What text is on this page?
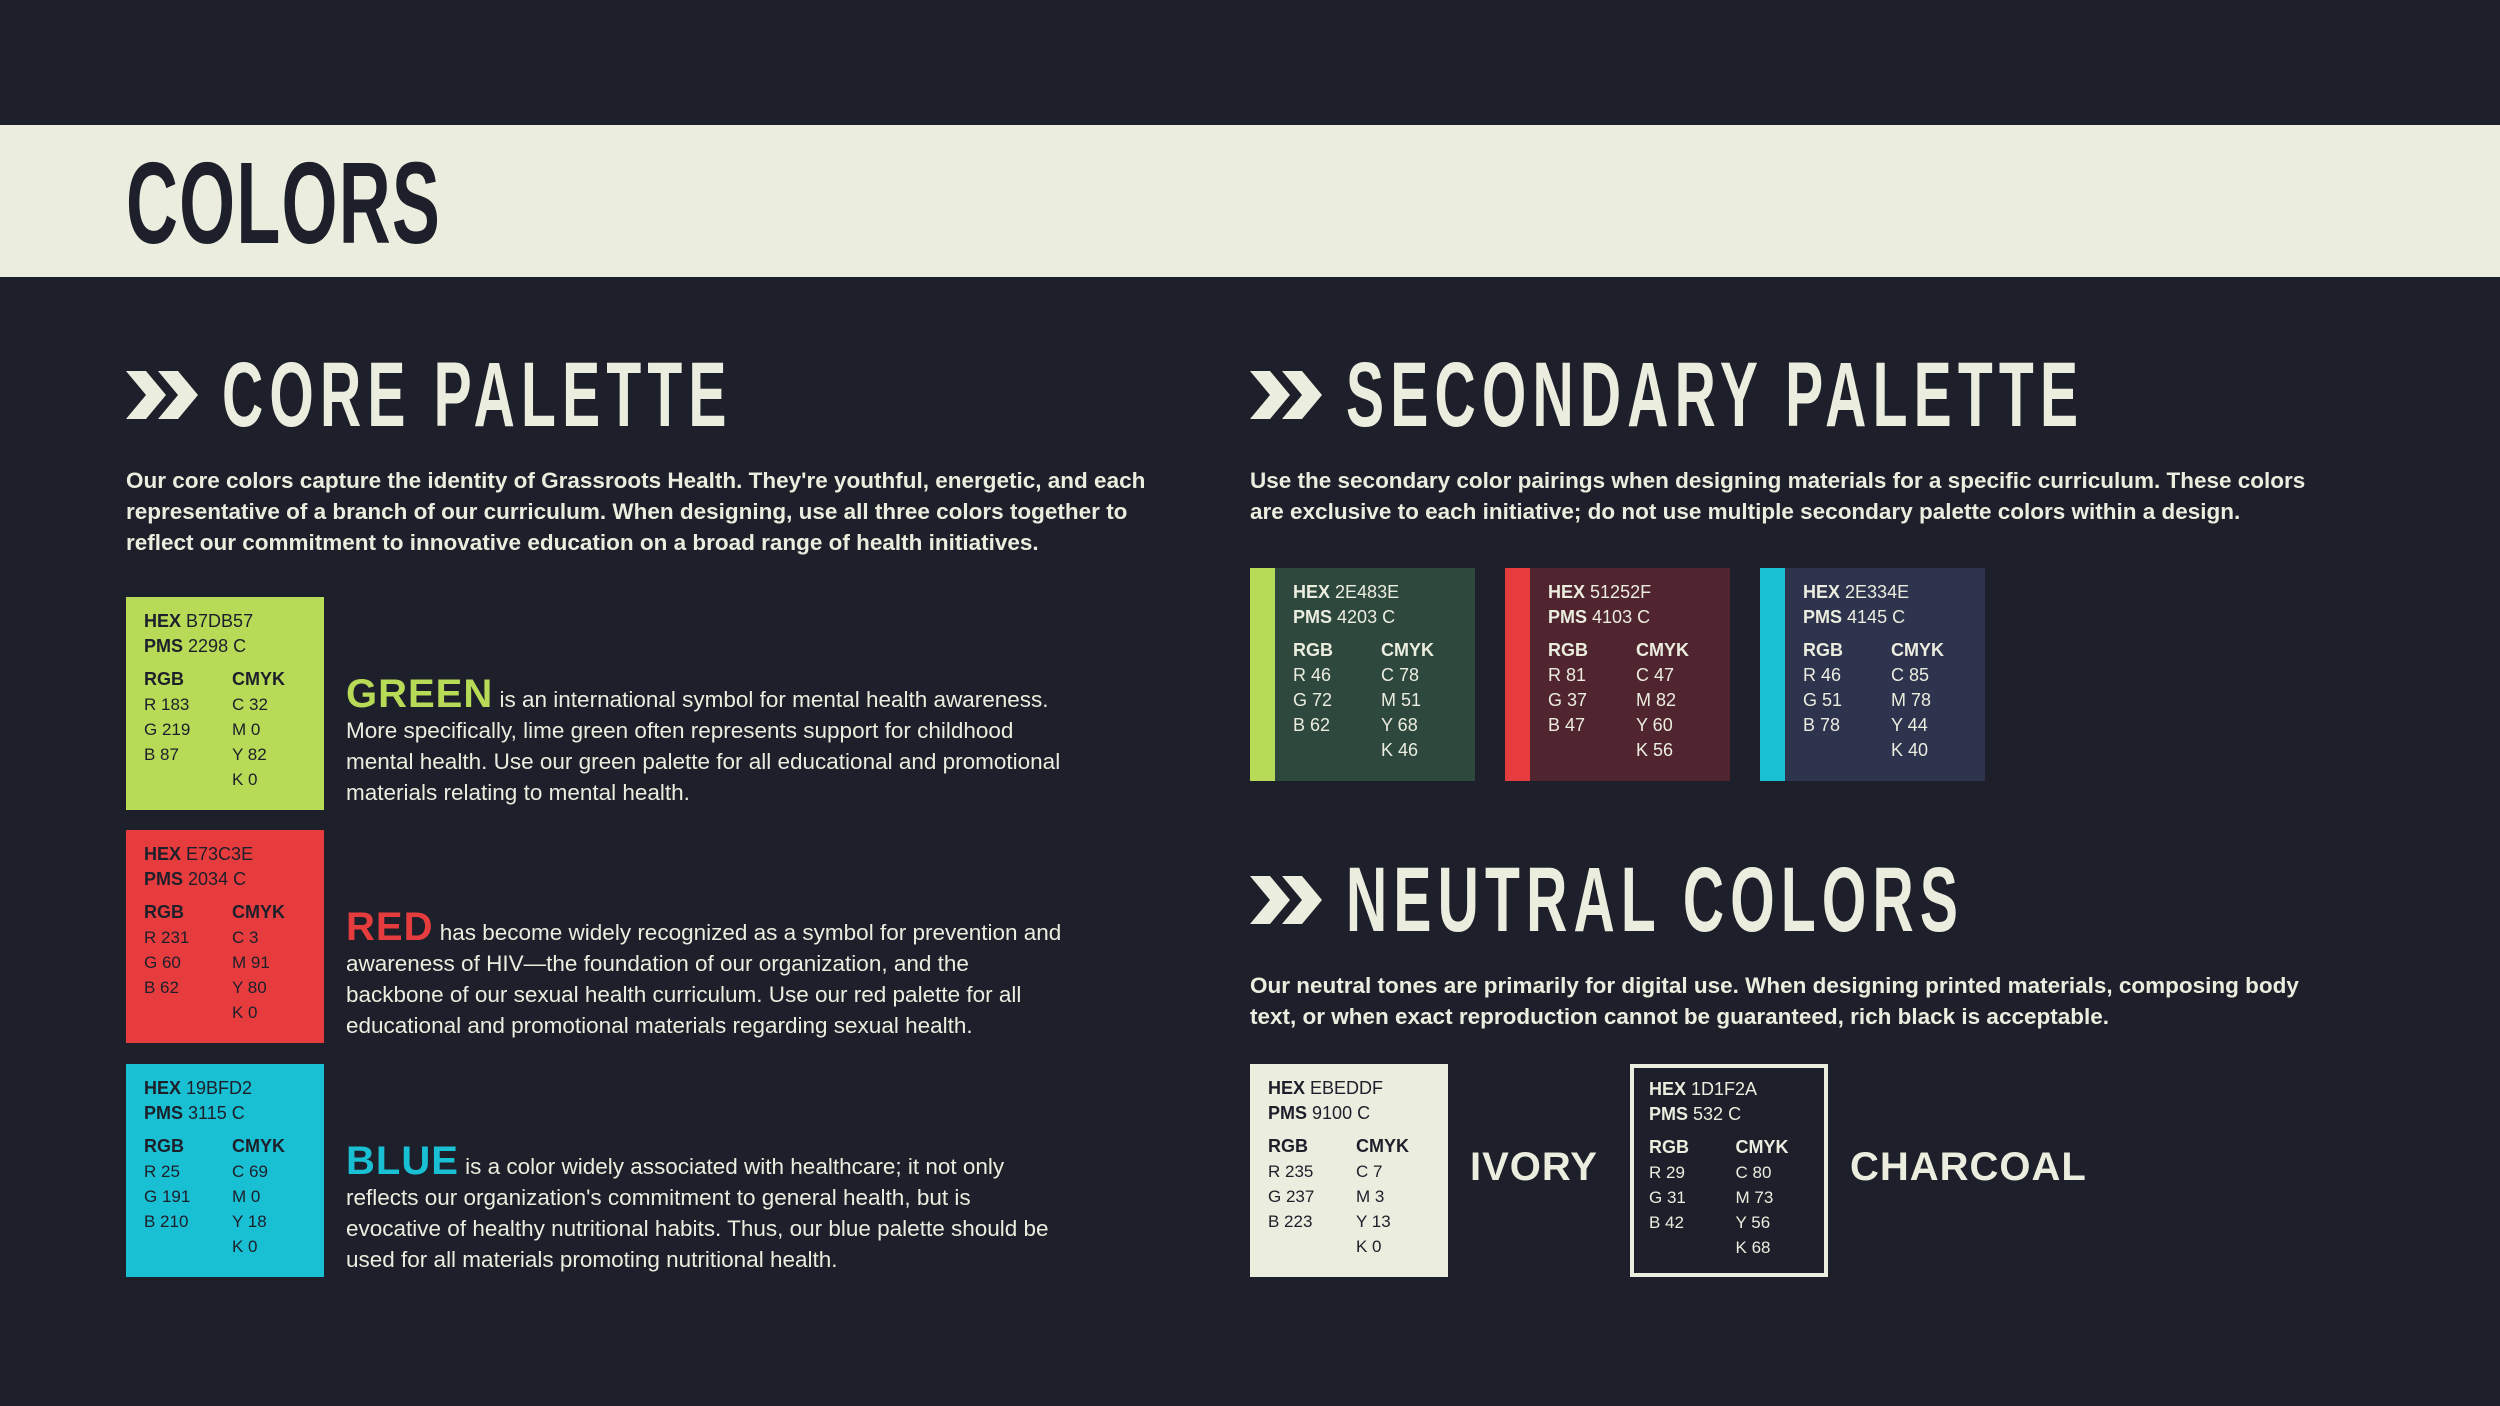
COLORS
CORE PALETTE

Our core colors capture the identity of Grassroots Health. They're youthful, energetic, and each representative of a branch of our curriculum. When designing, use all three colors together to reflect our commitment to innovative education on a broad range of health initiatives.

HEX B7DB57
PMS 2298 C
RGB
R 183
G 219
B 87
CMYK
C 32
M 0
Y 82
K 0

GREEN is an international symbol for mental health awareness. More specifically, lime green often represents support for childhood mental health. Use our green palette for all educational and promotional materials relating to mental health.

HEX E73C3E
PMS 2034 C
RGB
R 231
G 60
B 62
CMYK
C 3
M 91
Y 80
K 0

RED has become widely recognized as a symbol for prevention and awareness of HIV—the foundation of our organization, and the backbone of our sexual health curriculum. Use our red palette for all educational and promotional materials regarding sexual health.

HEX 19BFD2
PMS 3115 C
RGB
R 25
G 191
B 210
CMYK
C 69
M 0
Y 18
K 0

BLUE is a color widely associated with healthcare; it not only reflects our organization's commitment to general health, but is evocative of healthy nutritional habits. Thus, our blue palette should be used for all materials promoting nutritional health.

SECONDARY PALETTE

Use the secondary color pairings when designing materials for a specific curriculum. These colors are exclusive to each initiative; do not use multiple secondary palette colors within a design.

HEX 2E483E
PMS 4203 C
RGB
R 46
G 72
B 62
CMYK
C 78
M 51
Y 68
K 46
HEX 51252F
PMS 4103 C
RGB
R 81
G 37
B 47
CMYK
C 47
M 82
Y 60
K 56
HEX 2E334E
PMS 4145 C
RGB
R 46
G 51
B 78
CMYK
C 85
M 78
Y 44
K 40
NEUTRAL COLORS

Our neutral tones are primarily for digital use. When designing printed materials, composing body text, or when exact reproduction cannot be guaranteed, rich black is acceptable.

HEX EBEDDF
PMS 9100 C
RGB
R 235
G 237
B 223
CMYK
C 7
M 3
Y 13
K 0
IVORY
HEX 1D1F2A
PMS 532 C
RGB
R 29
G 31
B 42
CMYK
C 80
M 73
Y 56
K 68
CHARCOAL
